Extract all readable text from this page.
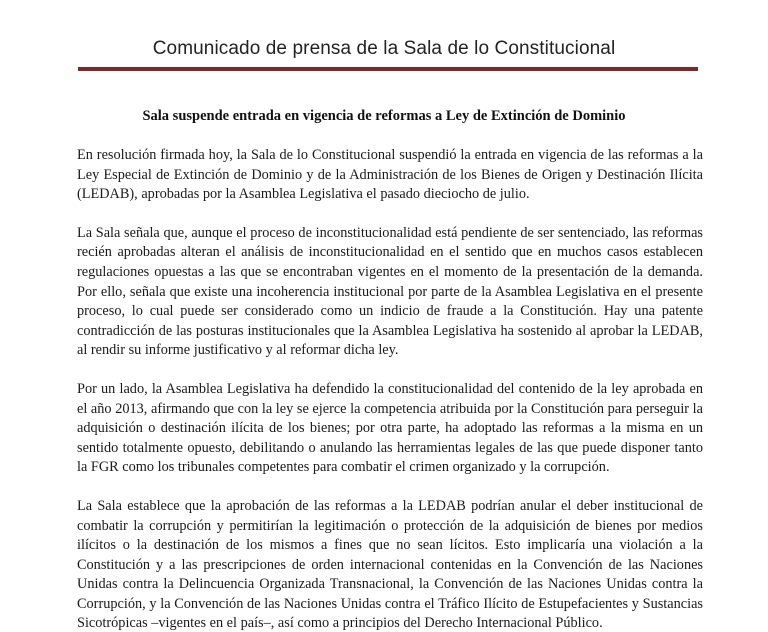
Comunicado de prensa de la Sala de lo Constitucional
Sala suspende entrada en vigencia de reformas a Ley de Extinción de Dominio

En resolución firmada hoy, la Sala de lo Constitucional suspendió la entrada en vigencia de las reformas a la Ley Especial de Extinción de Dominio y de la Administración de los Bienes de Origen y Destinación Ilícita (LEDAB), aprobadas por la Asamblea Legislativa el pasado dieciocho de julio.

La Sala señala que, aunque el proceso de inconstitucionalidad está pendiente de ser sentenciado, las reformas recién aprobadas alteran el análisis de inconstitucionalidad en el sentido que en muchos casos establecen regulaciones opuestas a las que se encontraban vigentes en el momento de la presentación de la demanda. Por ello, señala que existe una incoherencia institucional por parte de la Asamblea Legislativa en el presente proceso, lo cual puede ser considerado como un indicio de fraude a la Constitución. Hay una patente contradicción de las posturas institucionales que la Asamblea Legislativa ha sostenido al aprobar la LEDAB, al rendir su informe justificativo y al reformar dicha ley.

Por un lado, la Asamblea Legislativa ha defendido la constitucionalidad del contenido de la ley aprobada en el año 2013, afirmando que con la ley se ejerce la competencia atribuida por la Constitución para perseguir la adquisición o destinación ilícita de los bienes; por otra parte, ha adoptado las reformas a la misma en un sentido totalmente opuesto, debilitando o anulando las herramientas legales de las que puede disponer tanto la FGR como los tribunales competentes para combatir el crimen organizado y la corrupción.

La Sala establece que la aprobación de las reformas a la LEDAB podrían anular el deber institucional de combatir la corrupción y permitirían la legitimación o protección de la adquisición de bienes por medios ilícitos o la destinación de los mismos a fines que no sean lícitos. Esto implicaría una violación a la Constitución y a las prescripciones de orden internacional contenidas en la Convención de las Naciones Unidas contra la Delincuencia Organizada Transnacional, la Convención de las Naciones Unidas contra la Corrupción, y la Convención de las Naciones Unidas contra el Tráfico Ilícito de Estupefacientes y Sustancias Sicotrópicas –vigentes en el país–, así como a principios del Derecho Internacional Público.
